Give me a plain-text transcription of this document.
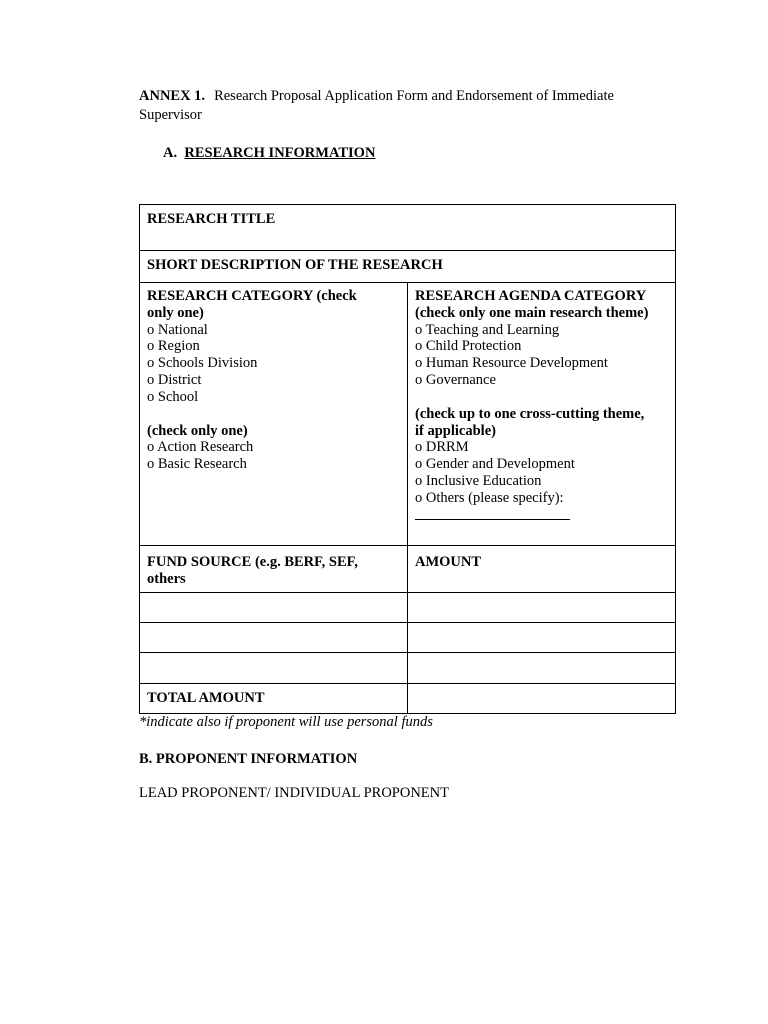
ANNEX 1. Research Proposal Application Form and Endorsement of Immediate Supervisor
A. RESEARCH INFORMATION
RESEARCH TITLE
SHORT DESCRIPTION OF THE RESEARCH
RESEARCH CATEGORY (check
only one)
o National
o Region
o Schools Division
o District
o School
(check only one)
o Action Research
o Basic Research
RESEARCH AGENDA CATEGORY
(check only one main research theme)
o Teaching and Learning
o Child Protection
o Human Resource Development
o Governance
(check up to one cross-cutting theme,
if applicable)
o DRRM
o Gender and Development
o Inclusive Education
o Others (please specify):
FUND SOURCE (e.g. BERF, SEF,
others
AMOUNT
TOTAL AMOUNT
*indicate also if proponent will use personal funds
B. PROPONENT INFORMATION
LEAD PROPONENT/ INDIVIDUAL PROPONENT
